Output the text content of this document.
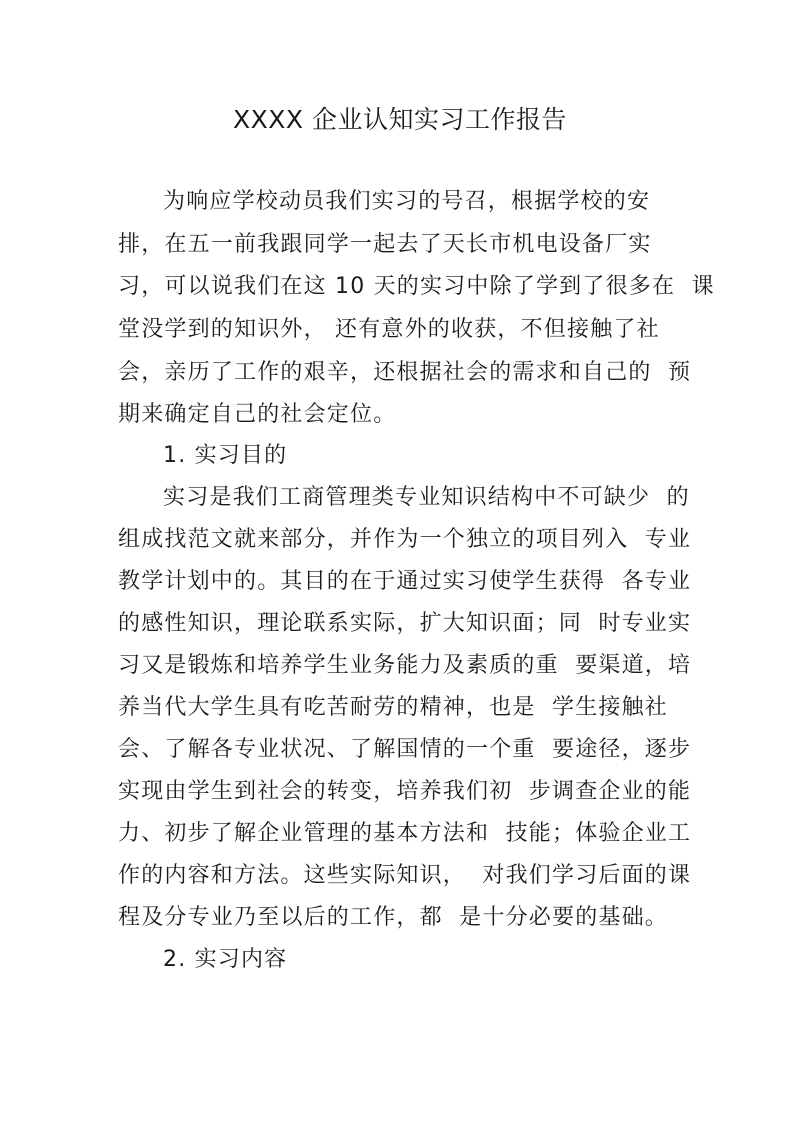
XXXX 企业认知实习工作报告
为响应学校动员我们实习的号召，根据学校的安
排，在五一前我跟同学一起去了天长市机电设备厂实
习，可以说我们在这 10 天的实习中除了学到了很多在  课
堂没学到的知识外， 还有意外的收获，不但接触了社
会，亲历了工作的艰辛，还根据社会的需求和自己的  预
期来确定自己的社会定位。
1. 实习目的
实习是我们工商管理类专业知识结构中不可缺少  的
组成找范文就来部分，并作为一个独立的项目列入  专业
教学计划中的。其目的在于通过实习使学生获得  各专业
的感性知识，理论联系实际，扩大知识面；同  时专业实
习又是锻炼和培养学生业务能力及素质的重  要渠道，培
养当代大学生具有吃苦耐劳的精神，也是  学生接触社
会、了解各专业状况、了解国情的一个重  要途径，逐步
实现由学生到社会的转变，培养我们初  步调查企业的能
力、初步了解企业管理的基本方法和  技能；体验企业工
作的内容和方法。这些实际知识，  对我们学习后面的课
程及分专业乃至以后的工作，都  是十分必要的基础。
2. 实习内容
